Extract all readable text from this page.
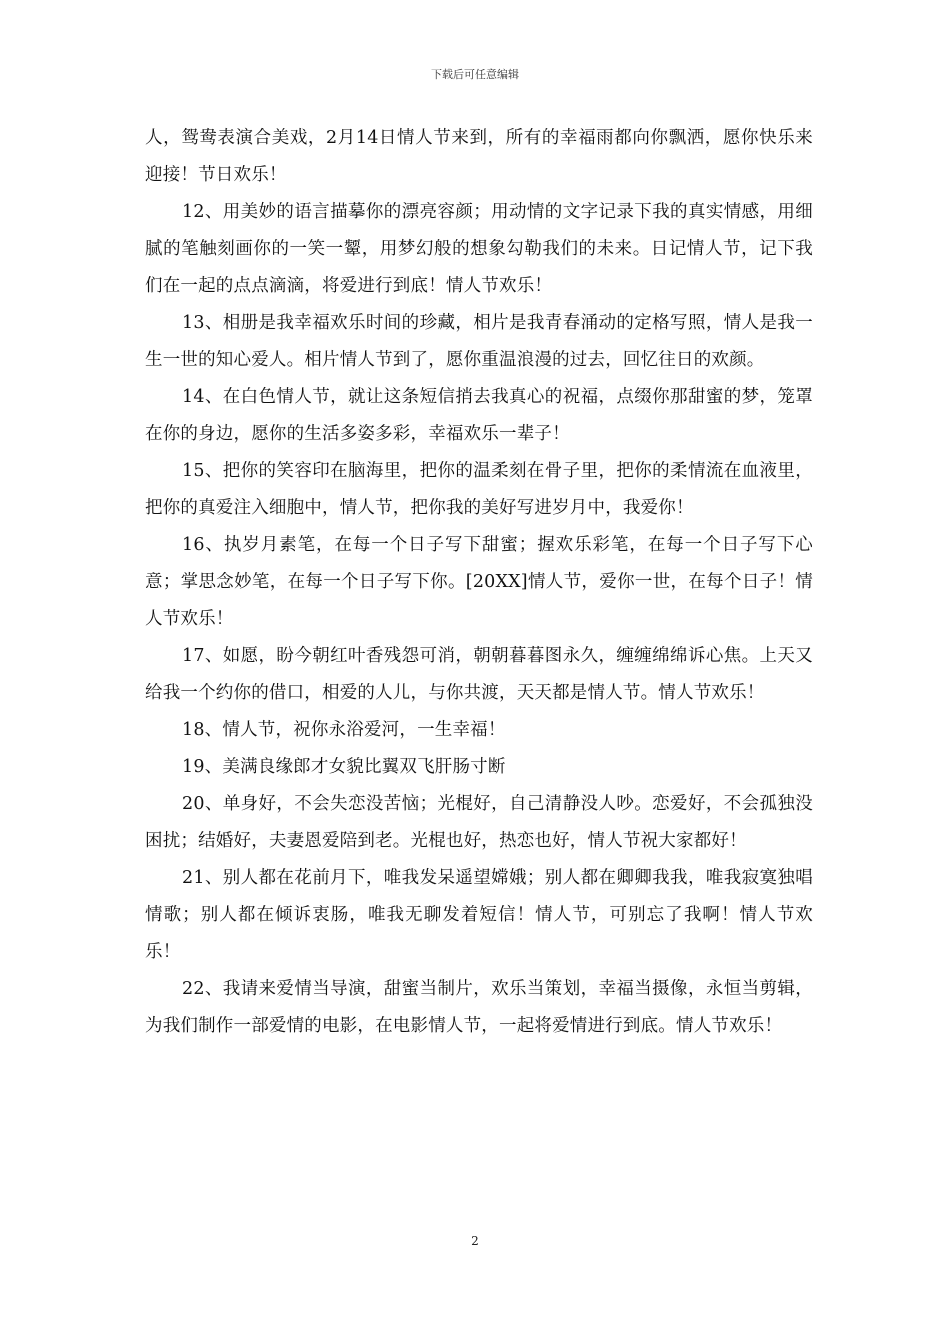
下载后可任意编辑

人，鸳鸯表演合美戏，2月14日情人节来到，所有的幸福雨都向你飘洒，愿你快乐来迎接！节日欢乐！

12、用美妙的语言描摹你的漂亮容颜；用动情的文字记录下我的真实情感，用细腻的笔触刻画你的一笑一颦，用梦幻般的想象勾勒我们的未来。日记情人节，记下我们在一起的点点滴滴，将爱进行到底！情人节欢乐！

13、相册是我幸福欢乐时间的珍藏，相片是我青春涌动的定格写照，情人是我一生一世的知心爱人。相片情人节到了，愿你重温浪漫的过去，回忆往日的欢颜。

14、在白色情人节，就让这条短信捎去我真心的祝福，点缀你那甜蜜的梦，笼罩在你的身边，愿你的生活多姿多彩，幸福欢乐一辈子！

15、把你的笑容印在脑海里，把你的温柔刻在骨子里，把你的柔情流在血液里，把你的真爱注入细胞中，情人节，把你我的美好写进岁月中，我爱你！

16、执岁月素笔，在每一个日子写下甜蜜；握欢乐彩笔，在每一个日子写下心意；掌思念妙笔，在每一个日子写下你。[20XX]情人节，爱你一世，在每个日子！情人节欢乐！

17、如愿，盼今朝红叶香残怨可消，朝朝暮暮图永久，缠缠绵绵诉心焦。上天又给我一个约你的借口，相爱的人儿，与你共渡，天天都是情人节。情人节欢乐！

18、情人节，祝你永浴爱河，一生幸福！

19、美满良缘郎才女貌比翼双飞肝肠寸断

20、单身好，不会失恋没苦恼；光棍好，自己清静没人吵。恋爱好，不会孤独没困扰；结婚好，夫妻恩爱陪到老。光棍也好，热恋也好，情人节祝大家都好！

21、别人都在花前月下，唯我发呆遥望嫦娥；别人都在卿卿我我，唯我寂寞独唱情歌；别人都在倾诉衷肠，唯我无聊发着短信！情人节，可别忘了我啊！情人节欢乐！

22、我请来爱情当导演，甜蜜当制片，欢乐当策划，幸福当摄像，永恒当剪辑，为我们制作一部爱情的电影，在电影情人节，一起将爱情进行到底。情人节欢乐！

2
